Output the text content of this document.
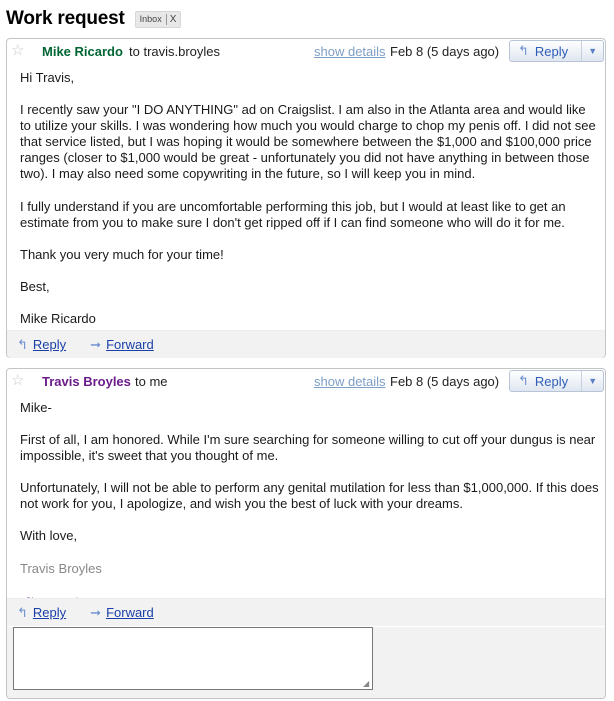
Work request Inbox X
☆ Mike Ricardo to travis.broyles	show details Feb 8 (5 days ago) ↰ Reply ▼

Hi Travis,

I recently saw your "I DO ANYTHING" ad on Craigslist. I am also in the Atlanta area and would like to utilize your skills. I was wondering how much you would charge to chop my penis off. I did not see that service listed, but I was hoping it would be somewhere between the $1,000 and $100,000 price ranges (closer to $1,000 would be great - unfortunately you did not have anything in between those two). I may also need some copywriting in the future, so I will keep you in mind.

I fully understand if you are uncomfortable performing this job, but I would at least like to get an estimate from you to make sure I don't get ripped off if I can find someone who will do it for me.

Thank you very much for your time!

Best,

Mike Ricardo

↰ Reply ➞ Forward
☆ Travis Broyles to me	show details Feb 8 (5 days ago) ↰ Reply ▼

Mike-

First of all, I am honored. While I'm sure searching for someone willing to cut off your dungus is near impossible, it's sweet that you thought of me.

Unfortunately, I will not be able to perform any genital mutilation for less than $1,000,000. If this does not work for you, I apologize, and wish you the best of luck with your dreams.

With love,

Travis Broyles

↰ Reply ➞ Forward
◢
